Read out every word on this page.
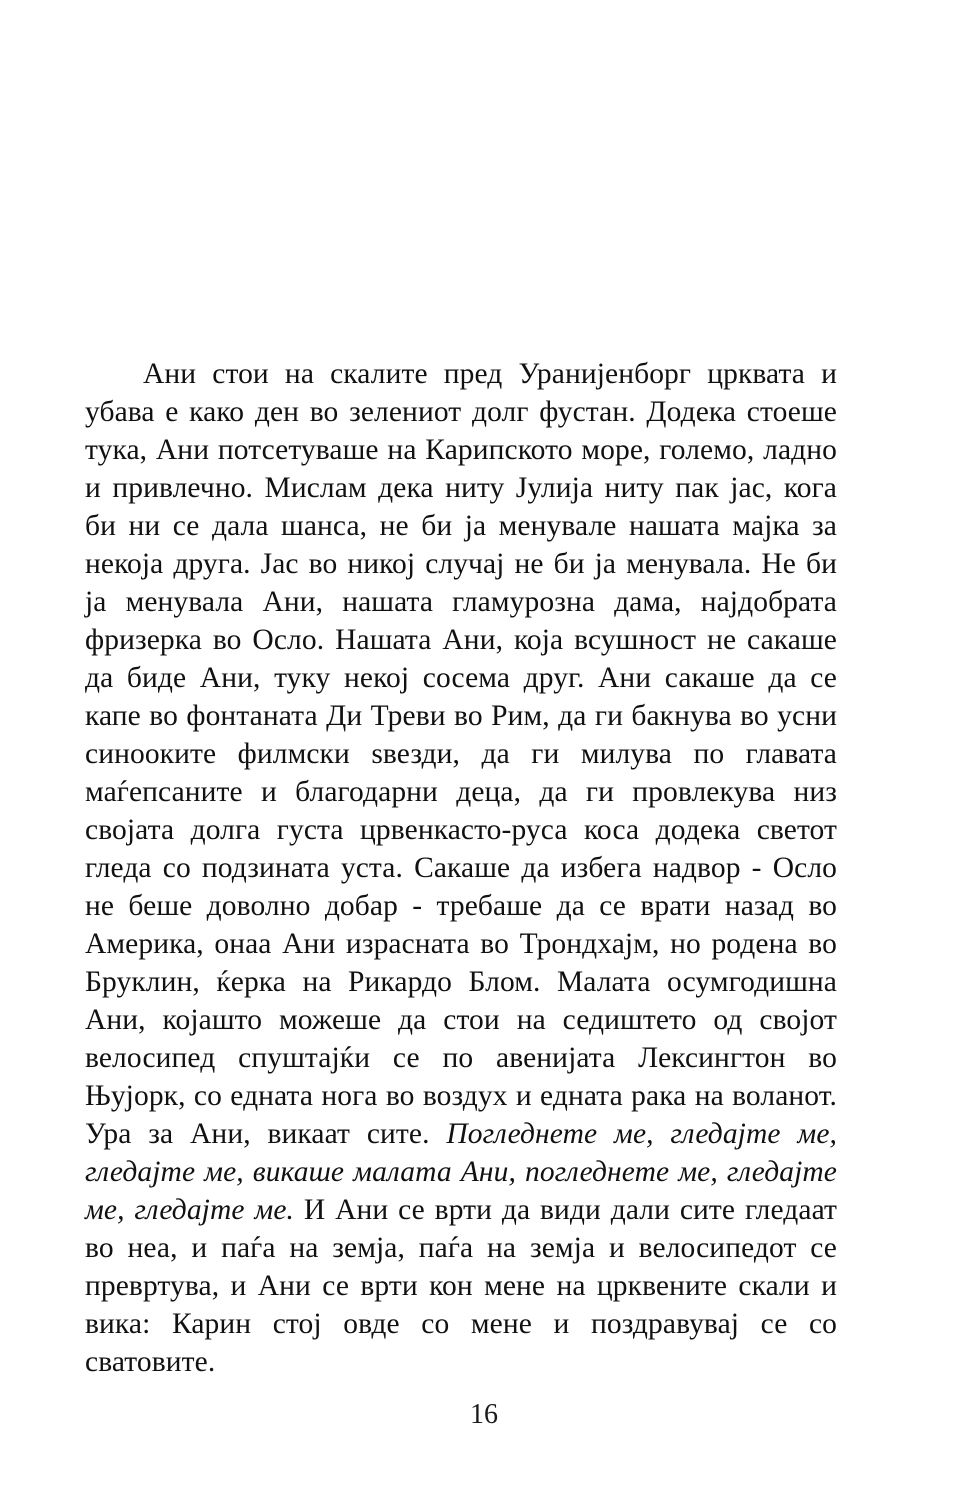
Ани стои на скалите пред Уранијенборг црквата и убава е како ден во зелениот долг фустан. Додека стоеше тука, Ани потсетуваше на Карипското море, големо, ладно и привлечно. Мислам дека ниту Јулија ниту пак јас, кога би ни се дала шанса, не би ја менувале нашата мајка за некоја друга. Јас во никој случај не би ја менувала. Не би ја менувала Ани, нашата гламурозна дама, најдобрата фризерка во Осло. Нашата Ани, која всушност не сакаше да биде Ани, туку некој сосема друг. Ани сакаше да се капе во фонтаната Ди Треви во Рим, да ги бакнува во усни синооките филмски ѕвезди, да ги милува по главата маѓепсаните и благодарни деца, да ги провлекува низ својата долга густа црвенкасто-руса коса додека светот гледа со подзината уста. Сакаше да избега надвор - Осло не беше доволно добар - требаше да се врати назад во Америка, онаа Ани израсната во Трондхајм, но родена во Бруклин, ќерка на Рикардо Блом. Малата осумгодишна Ани, којашто можеше да стои на седиштето од својот велосипед спуштајќи се по авенијата Лексингтон во Њујорк, со едната нога во воздух и едната рака на воланот. Ура за Ани, викаат сите. Погледнете ме, гледајте ме, гледајте ме, викаше малата Ани, погледнете ме, гледајте ме, гледајте ме. И Ани се врти да види дали сите гледаат во неа, и паѓа на земја, паѓа на земја и велосипедот се превртува, и Ани се врти кон мене на црквените скали и вика: Карин стој овде со мене и поздравувај се со сватовите.

16
